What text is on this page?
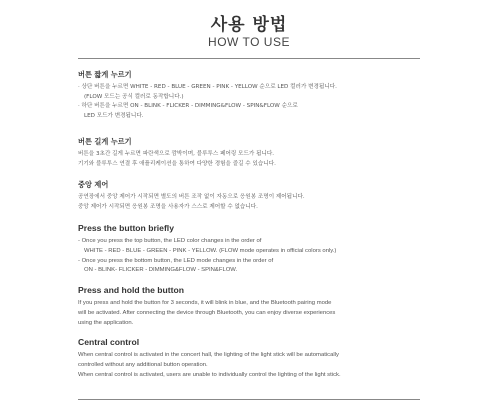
사용 방법
HOW TO USE
버튼 짧게 누르기
· 상단 버튼을 누르면 WHITE - RED - BLUE - GREEN - PINK - YELLOW 순으로 LED 컬러가 변경됩니다.
(FLOW 모드는 공식 컬러로 동작합니다.)
· 하단 버튼을 누르면 ON - BLINK - FLICKER - DIMMING&FLOW - SPIN&FLOW 순으로
LED 모드가 변경됩니다.
버튼 길게 누르기
버튼을 3초간 길게 누르면 파란색으로 깜박이며, 블루투스 페어링 모드가 됩니다.
기기와 블루투스 연결 후 애플리케이션을 통하여 다양한 경험을 즐길 수 있습니다.
중앙 제어
공연장에서 중앙 제어가 시작되면 별도의 버튼 조작 없이 자동으로 응원봉 조명이 제어됩니다.
중앙 제어가 시작되면 응원봉 조명을 사용자가 스스로 제어할 수 없습니다.
Press the button briefly
- Once you press the top button, the LED color changes in the order of
WHITE - RED - BLUE - GREEN - PINK - YELLOW. (FLOW mode operates in official colors only.)
- Once you press the bottom button, the LED mode changes in the order of
ON - BLINK- FLICKER - DIMMING&FLOW - SPIN&FLOW.
Press and hold the button
If you press and hold the button for 3 seconds, it will blink in blue, and the Bluetooth pairing mode
will be activated. After connecting the device through Bluetooth, you can enjoy diverse experiences
using the application.
Central control
When central control is activated in the concert hall, the lighting of the light stick will be automatically
controlled without any additional button operation.
When central control is activated, users are unable to individually control the lighting of the light stick.
